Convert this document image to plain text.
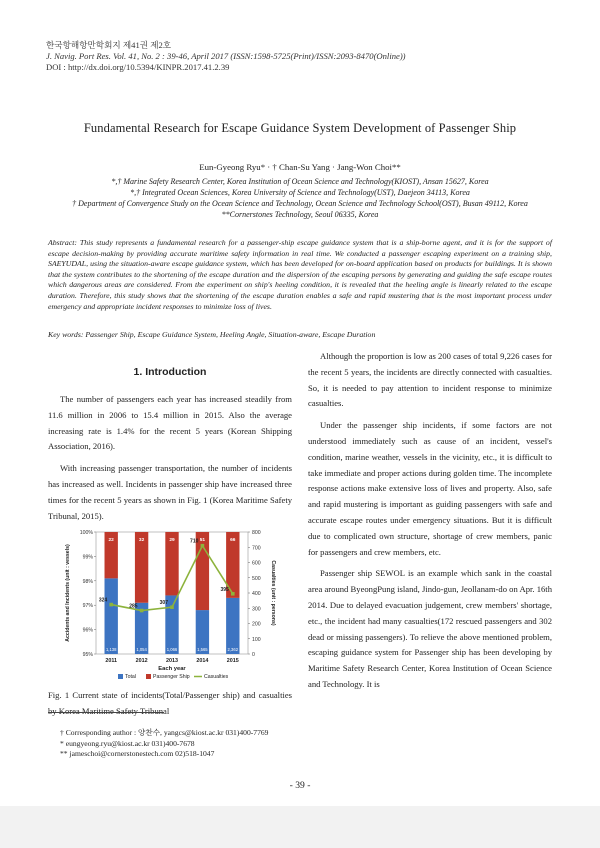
한국항해항만학회지 제41권 제2호
J. Navig. Port Res. Vol. 41, No. 2 : 39-46, April 2017 (ISSN:1598-5725(Print)/ISSN:2093-8470(Online))
DOI : http://dx.doi.org/10.5394/KINPR.2017.41.2.39
Fundamental Research for Escape Guidance System Development of Passenger Ship
Eun-Gyeong Ryu* · † Chan-Su Yang · Jang-Won Choi**
*,† Marine Safety Research Center, Korea Institution of Ocean Science and Technology(KIOST), Ansan 15627, Korea
*,† Integrated Ocean Sciences, Korea University of Science and Technology(UST), Daejeon 34113, Korea
† Department of Convergence Study on the Ocean Science and Technology, Ocean Science and Technology School(OST), Busan 49112, Korea
**Cornerstones Technology, Seoul 06335, Korea
Abstract: This study represents a fundamental research for a passenger-ship escape guidance system that is a ship-borne agent, and it is for the support of escape decision-making by providing accurate maritime safety information in real time. We conducted a passenger escaping experiment on a training ship, SAEYUDAL, using the situation-aware escape guidance system, which has been developed for on-board application based on products for buildings. It is shown that the system contributes to the shortening of the escape duration and the dispersion of the escaping persons by generating and guiding the safe escape routes which dangerous areas are considered. From the experiment on ship's heeling condition, it is revealed that the heeling angle is linearly related to the escape duration. Therefore, this study shows that the shortening of the escape duration enables a safe and rapid mustering that is the most important process under emergency and appropriate incident responses to minimize loss of lives.
Key words: Passenger Ship, Escape Guidance System, Heeling Angle, Situation-aware, Escape Duration
1. Introduction

The number of passengers each year has increased steadily from 11.6 million in 2006 to 15.4 million in 2015. Also the average increasing rate is 1.4% for the recent 5 years (Korean Shipping Association, 2016).

With increasing passenger transportation, the number of incidents has increased as well. Incidents in passenger ship have increased three times for the recent 5 years as shown in Fig. 1 (Korea Maritime Safety Tribunal, 2015).

95%
96%
97%
98%
99%
100%
0
100
200
300
400
500
600
700
800
22
1,138
2011
32
1,054
2012
29
1,066
2013
51
1,565
2014
66
2,362
2015
324
285
307
710
395
Each year
Accidents and Incidents (unit : vessels)	Casualties (unit : persons)
Total	Passenger Ship	Casualties
Fig. 1 Current state of incidents(Total/Passenger ship) and casualties by Korea Maritime Safety Tribunal

Although the proportion is low as 200 cases of total 9,226 cases for the recent 5 years, the incidents are directly connected with casualties. So, it is needed to pay attention to incident response to minimize casualties.

Under the passenger ship incidents, if some factors are not understood immediately such as cause of an incident, vessel's condition, marine weather, vessels in the vicinity, etc., it is difficult to take immediate and proper actions during golden time. The incomplete response actions make extensive loss of lives and property. Also, safe and rapid mustering is important as guiding passengers with safe and accurate escape routes under emergency situations. But it is difficult due to complicated own structure, shortage of crew members, panic for passengers and crew members, etc.

Passenger ship SEWOL is an example which sank in the coastal area around ByeongPung island, Jindo-gun, Jeollanam-do on Apr. 16th 2014. Due to delayed evacuation judgement, crew members' shortage, etc., the incident had many casualties(172 rescued passengers and 302 dead or missing passengers). To relieve the above mentioned problem, escaping guidance system for Passenger ship has been developing by Maritime Safety Research Center, Korea Institution of Ocean Science and Technology. It is

† Corresponding author : 양찬수, yangcs@kiost.ac.kr 031)400-7769
* eungyeong.ryu@kiost.ac.kr 031)400-7678
** jameschoi@cornerstonestech.com 02)518-1047
- 39 -
